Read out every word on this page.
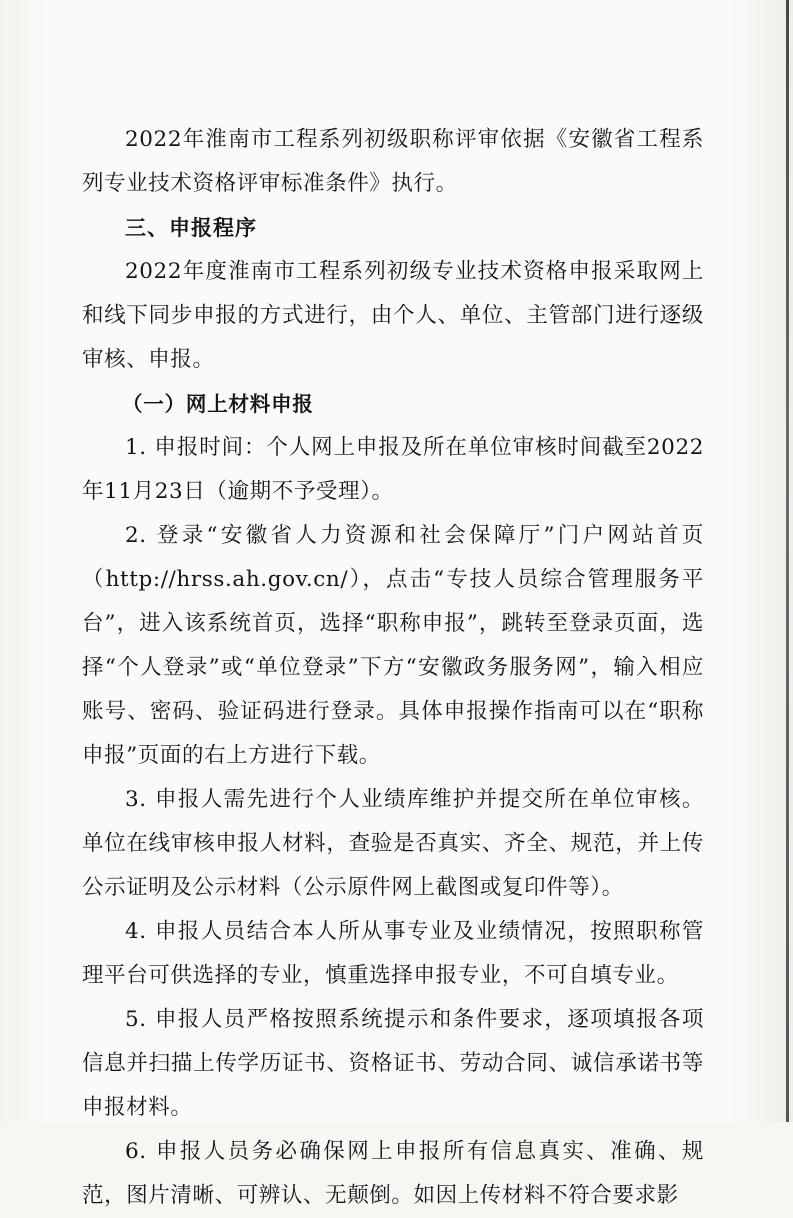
2022年淮南市工程系列初级职称评审依据《安徽省工程系列专业技术资格评审标准条件》执行。

三、申报程序

2022年度淮南市工程系列初级专业技术资格申报采取网上和线下同步申报的方式进行，由个人、单位、主管部门进行逐级审核、申报。

（一）网上材料申报

1. 申报时间：个人网上申报及所在单位审核时间截至2022年11月23日（逾期不予受理）。

2. 登录“安徽省人力资源和社会保障厅”门户网站首页（http://hrss.ah.gov.cn/），点击“专技人员综合管理服务平台”，进入该系统首页，选择“职称申报”，跳转至登录页面，选择“个人登录”或“单位登录”下方“安徽政务服务网”，输入相应账号、密码、验证码进行登录。具体申报操作指南可以在“职称申报”页面的右上方进行下载。

3. 申报人需先进行个人业绩库维护并提交所在单位审核。单位在线审核申报人材料，查验是否真实、齐全、规范，并上传公示证明及公示材料（公示原件网上截图或复印件等）。

4. 申报人员结合本人所从事专业及业绩情况，按照职称管理平台可供选择的专业，慎重选择申报专业，不可自填专业。

5. 申报人员严格按照系统提示和条件要求，逐项填报各项信息并扫描上传学历证书、资格证书、劳动合同、诚信承诺书等申报材料。

6. 申报人员务必确保网上申报所有信息真实、准确、规范，图片清晰、可辨认、无颠倒。如因上传材料不符合要求影
